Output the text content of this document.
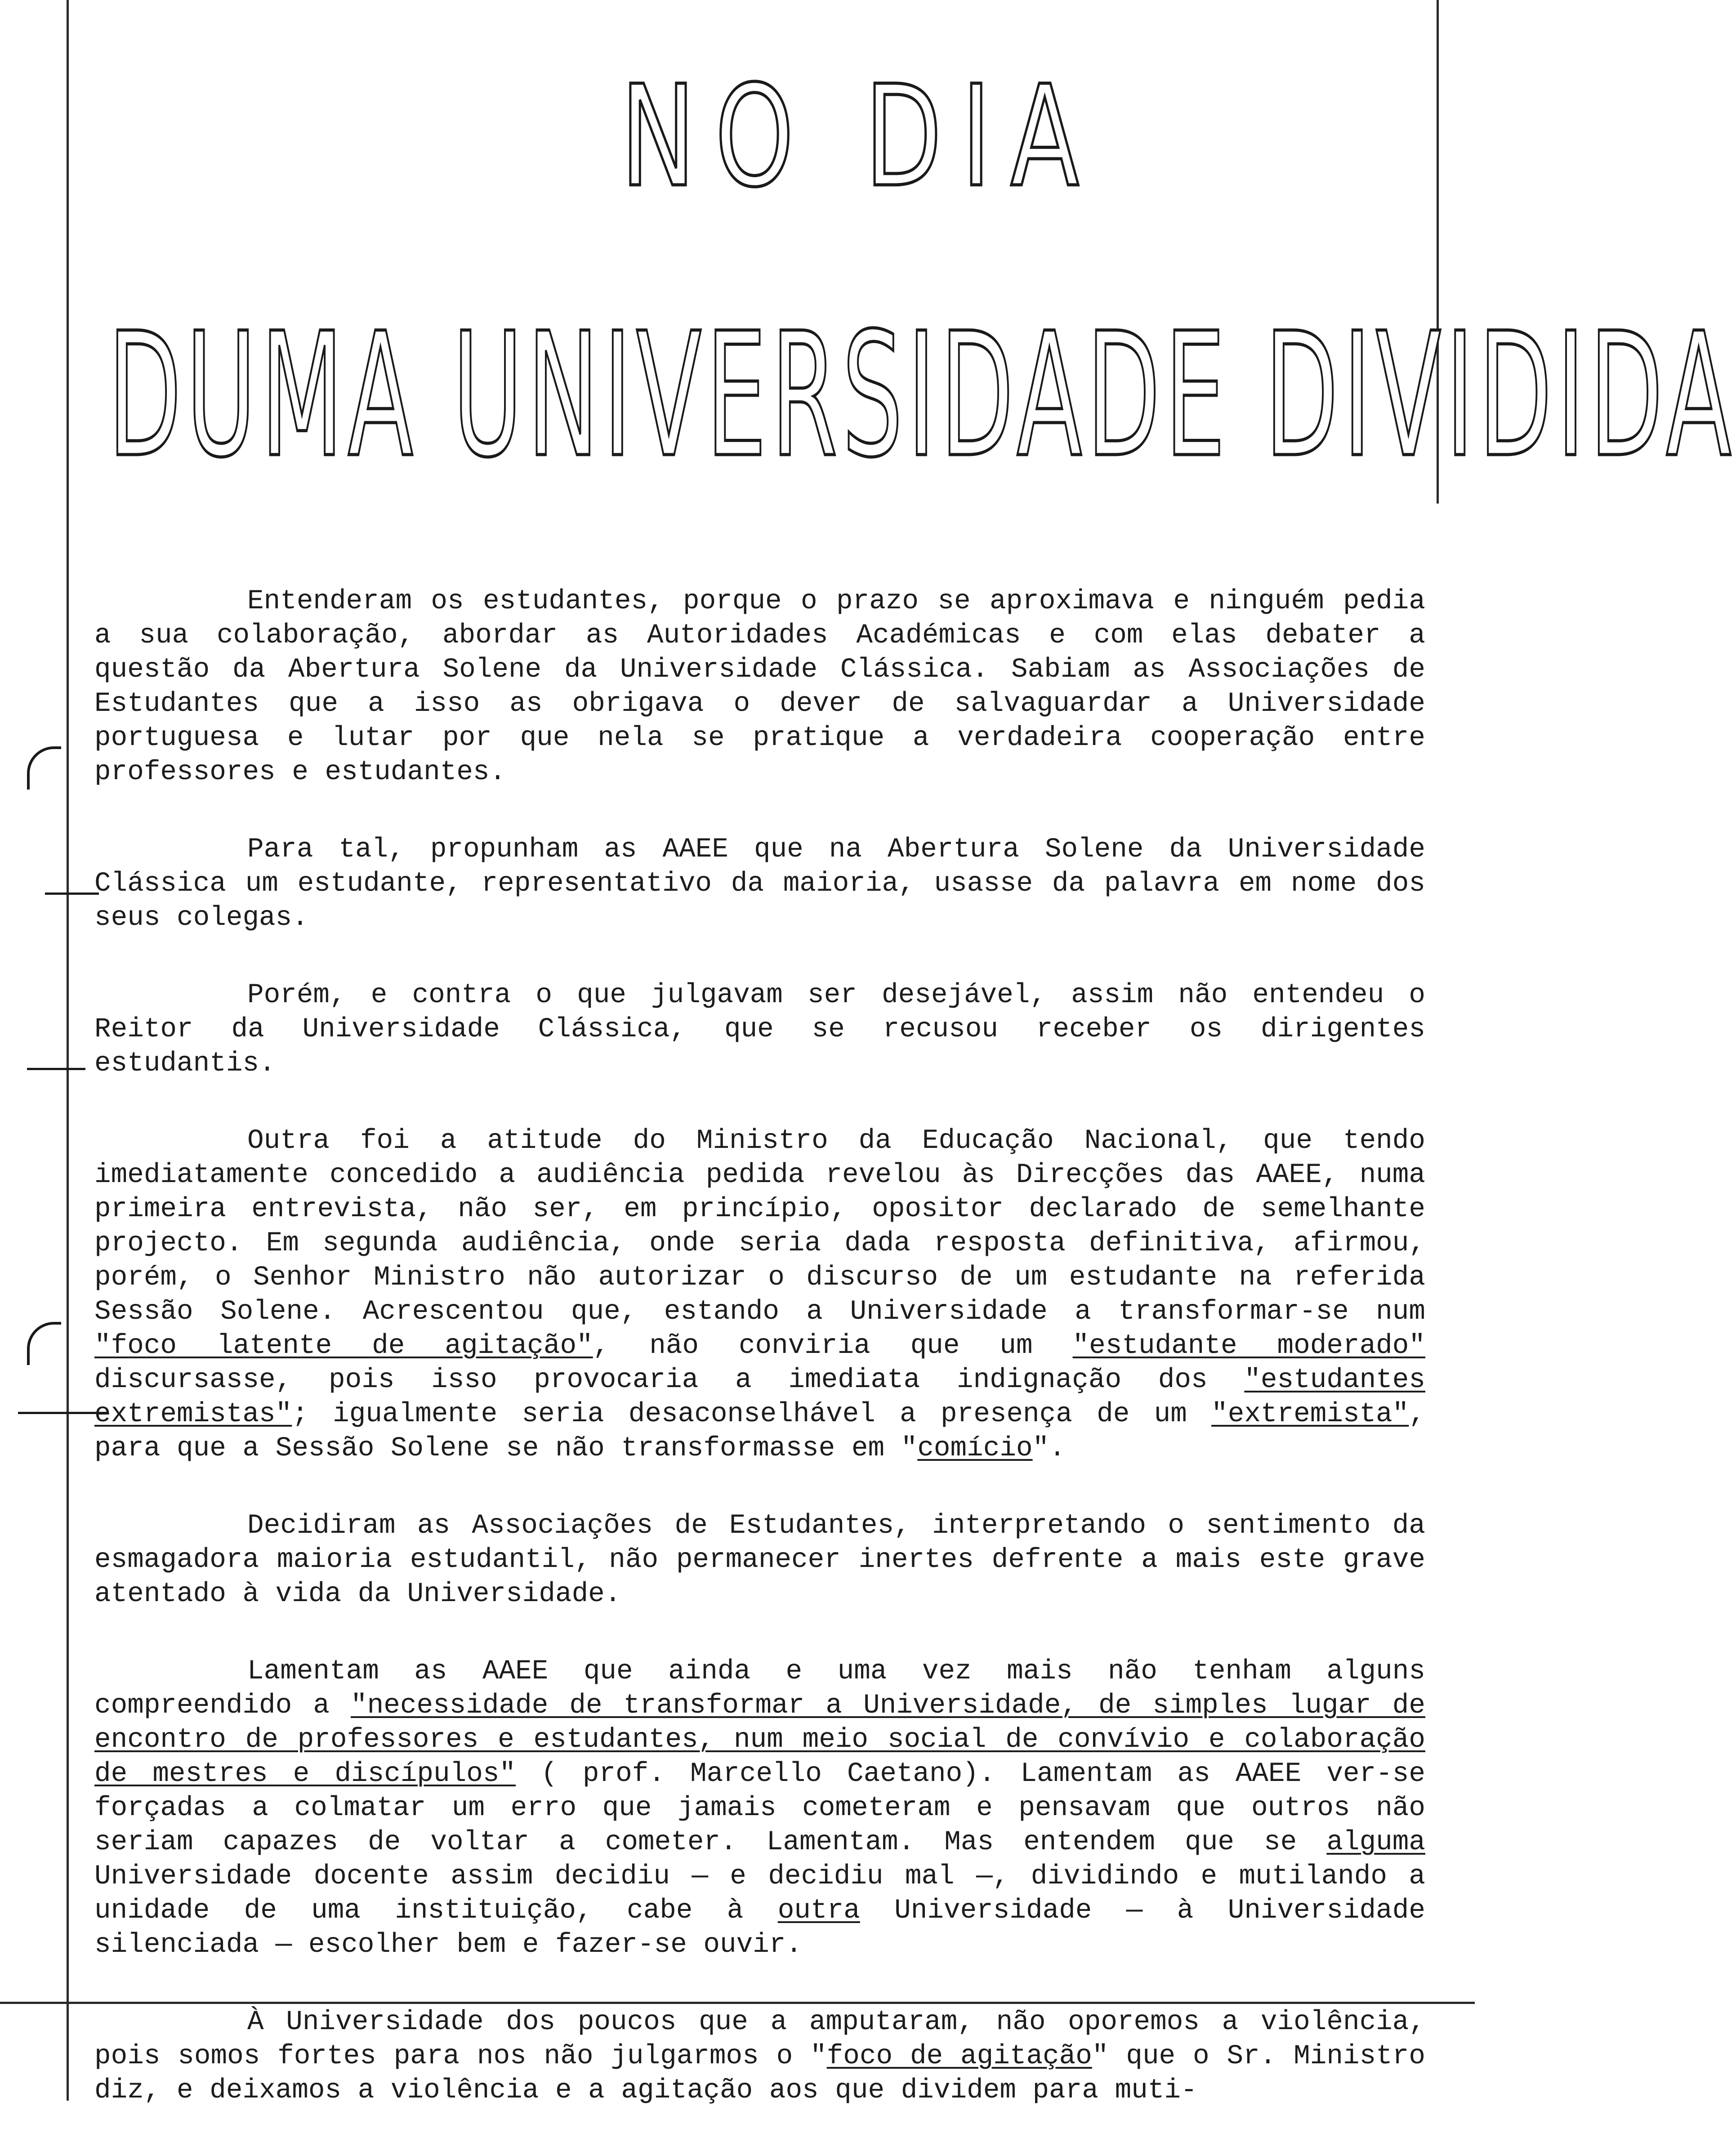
NO DIA
DUMA UNIVERSIDADE DIVIDIDA

Entenderam os estudantes, porque o prazo se aproximava e ninguém pedia a sua colaboração, abordar as Autoridades Académicas e com elas debater a questão da Abertura Solene da Universidade Clássica. Sabiam as Associações de Estudantes que a isso as obrigava o dever de salvaguardar a Universidade portuguesa e lutar por que nela se pratique a verdadeira cooperação entre professores e estudantes.

Para tal, propunham as AAEE que na Abertura Solene da Universidade Clássica um estudante, representativo da maioria, usasse da palavra em nome dos seus colegas.

Porém, e contra o que julgavam ser desejável, assim não entendeu o Reitor da Universidade Clássica, que se recusou receber os dirigentes estudantis.

Outra foi a atitude do Ministro da Educação Nacional, que tendo imediatamente concedido a audiência pedida revelou às Direcções das AAEE, numa primeira entrevista, não ser, em princípio, opositor declarado de semelhante projecto. Em segunda audiência, onde seria dada resposta definitiva, afirmou, porém, o Senhor Ministro não autorizar o discurso de um estudante na referida Sessão Solene. Acrescentou que, estando a Universidade a transformar-se num "foco latente de agitação", não conviria que um "estudante moderado" discursasse, pois isso provocaria a imediata indignação dos "estudantes extremistas"; igualmente seria desaconselhável a presença de um "extremista", para que a Sessão Solene se não transformasse em "comício".

Decidiram as Associações de Estudantes, interpretando o sentimento da esmagadora maioria estudantil, não permanecer inertes defrente a mais este grave atentado à vida da Universidade.

Lamentam as AAEE que ainda e uma vez mais não tenham alguns compreendido a "necessidade de transformar a Universidade, de simples lugar de encontro de professores e estudantes, num meio social de convívio e colaboração de mestres e discípulos" ( prof. Marcello Caetano). Lamentam as AAEE ver-se forçadas a colmatar um erro que jamais cometeram e pensavam que outros não seriam capazes de voltar a cometer. Lamentam. Mas entendem que se alguma Universidade docente assim decidiu — e decidiu mal —, dividindo e mutilando a unidade de uma instituição, cabe à outra Universidade — à Universidade silenciada — escolher bem e fazer-se ouvir.

À Universidade dos poucos que a amputaram, não oporemos a violência, pois somos fortes para nos não julgarmos o "foco de agitação" que o Sr. Ministro diz, e deixamos a violência e a agitação aos que dividem para muti-
